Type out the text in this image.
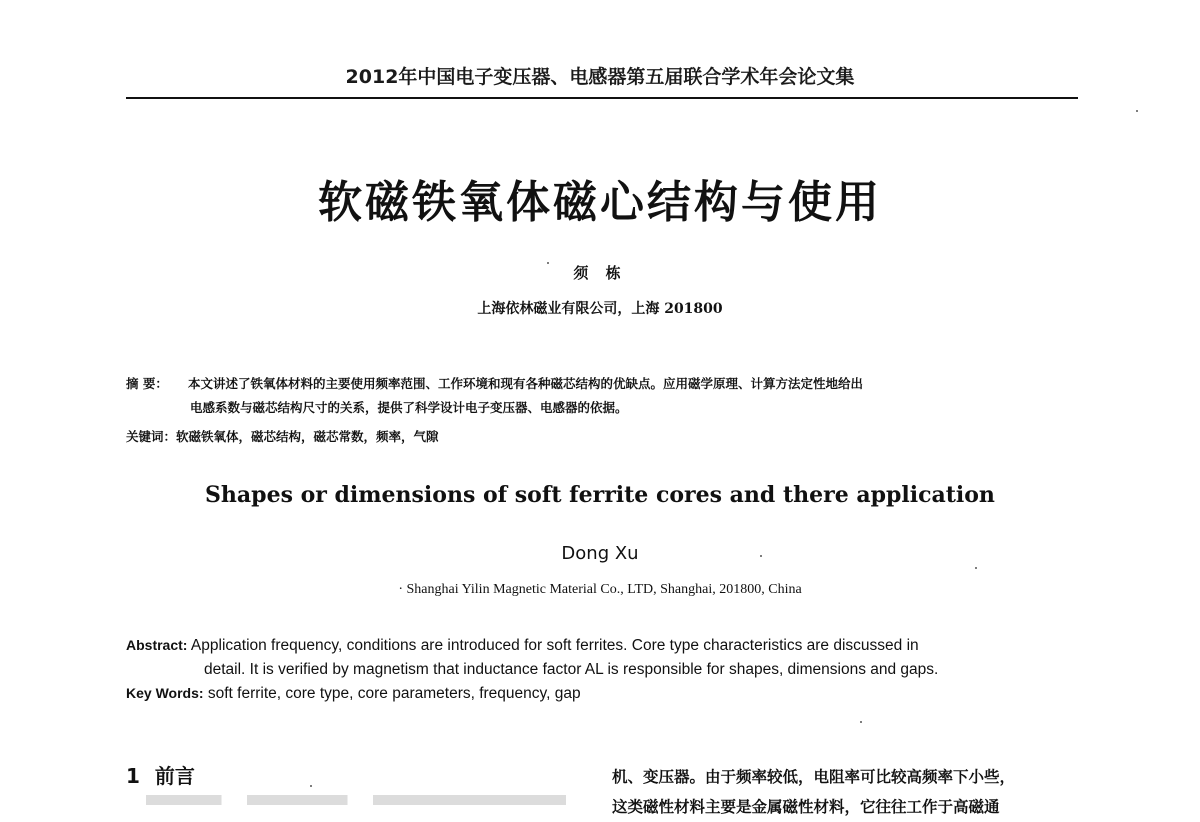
2012年中国电子变压器、电感器第五届联合学术年会论文集
软磁铁氧体磁心结构与使用
须 栋
上海依林磁业有限公司，上海 201800
摘 要： 本文讲述了铁氧体材料的主要使用频率范围、工作环境和现有各种磁芯结构的优缺点。应用磁学原理、计算方法定性地给出
电感系数与磁芯结构尺寸的关系，提供了科学设计电子变压器、电感器的依据。
关键词：软磁铁氧体，磁芯结构，磁芯常数，频率，气隙
Shapes or dimensions of soft ferrite cores and there application
Dong Xu
· Shanghai Yilin Magnetic Material Co., LTD, Shanghai, 201800, China
Abstract: Application frequency, conditions are introduced for soft ferrites. Core type characteristics are discussed in
detail. It is verified by magnetism that inductance factor AL is responsible for shapes, dimensions and gaps.
Key Words: soft ferrite, core type, core parameters, frequency, gap
1 前言	机、变压器。由于频率较低，电阻率可比较高频率下小些，
这类磁性材料主要是金属磁性材料，它往往工作于高磁通
